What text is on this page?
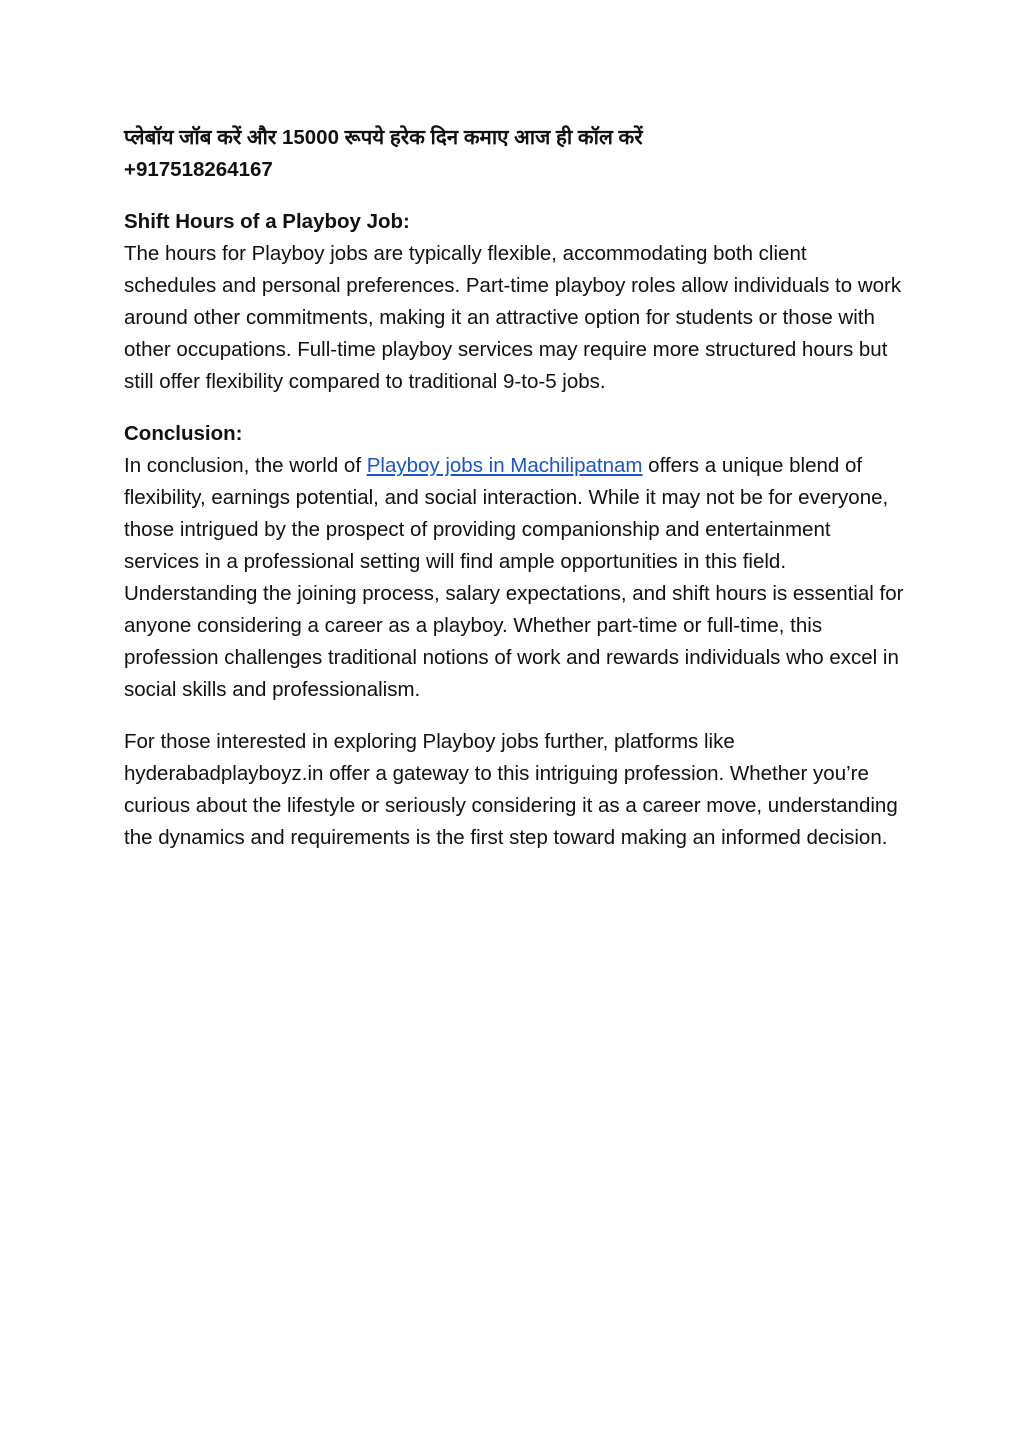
प्लेबॉय जॉब करें और 15000 रूपये हरेक दिन कमाए आज ही कॉल करें
+917518264167
Shift Hours of a Playboy Job:

The hours for Playboy jobs are typically flexible, accommodating both client schedules and personal preferences. Part-time playboy roles allow individuals to work around other commitments, making it an attractive option for students or those with other occupations. Full-time playboy services may require more structured hours but still offer flexibility compared to traditional 9-to-5 jobs.

Conclusion:

In conclusion, the world of Playboy jobs in Machilipatnam offers a unique blend of flexibility, earnings potential, and social interaction. While it may not be for everyone, those intrigued by the prospect of providing companionship and entertainment services in a professional setting will find ample opportunities in this field. Understanding the joining process, salary expectations, and shift hours is essential for anyone considering a career as a playboy. Whether part-time or full-time, this profession challenges traditional notions of work and rewards individuals who excel in social skills and professionalism.

For those interested in exploring Playboy jobs further, platforms like hyderabadplayboyz.in offer a gateway to this intriguing profession. Whether you’re curious about the lifestyle or seriously considering it as a career move, understanding the dynamics and requirements is the first step toward making an informed decision.
